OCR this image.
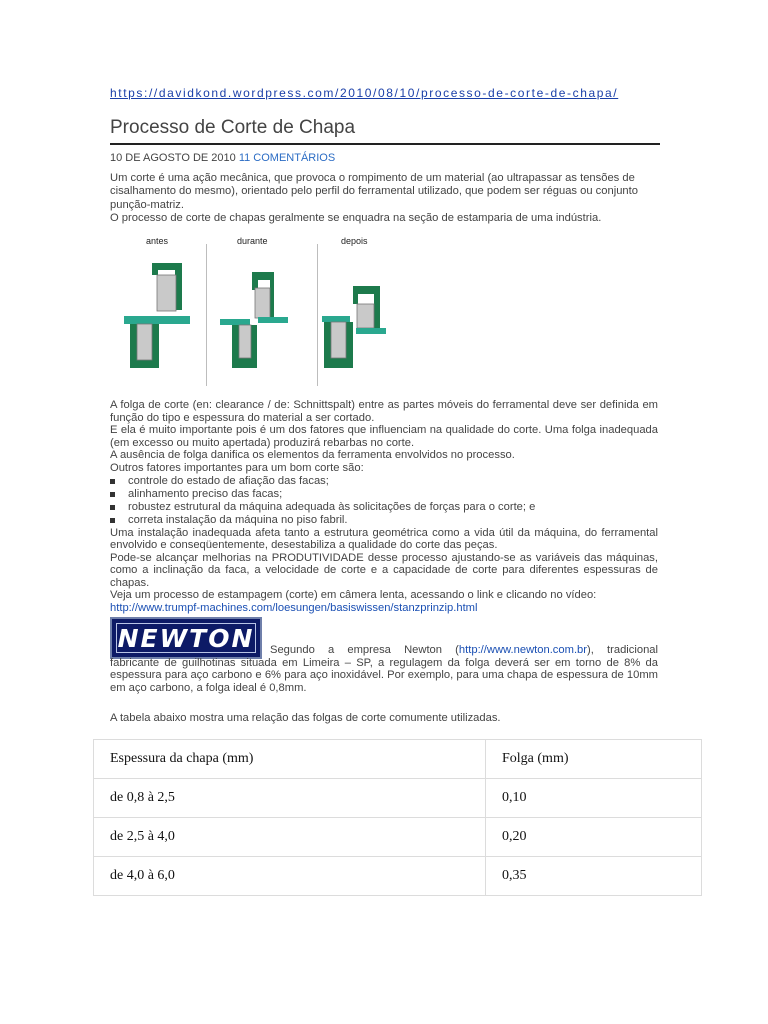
https://davidkond.wordpress.com/2010/08/10/processo-de-corte-de-chapa/
Processo de Corte de Chapa
10 DE AGOSTO DE 2010 11 COMENTÁRIOS
Um corte é uma ação mecânica, que provoca o rompimento de um material (ao ultrapassar as tensões de cisalhamento do mesmo), orientado pelo perfil do ferramental utilizado, que podem ser réguas ou conjunto punção-matriz.
O processo de corte de chapas geralmente se enquadra na seção de estamparia de uma indústria.
antes	durante	depois

A folga de corte (en: clearance / de: Schnittspalt) entre as partes móveis do ferramental deve ser definida em função do tipo e espessura do material a ser cortado.

E ela é muito importante pois é um dos fatores que influenciam na qualidade do corte. Uma folga inadequada (em excesso ou muito apertada) produzirá rebarbas no corte.

A ausência de folga danifica os elementos da ferramenta envolvidos no processo.

Outros fatores importantes para um bom corte são:

controle do estado de afiação das facas;
alinhamento preciso das facas;
robustez estrutural da máquina adequada às solicitações de forças para o corte; e
correta instalação da máquina no piso fabril.

Uma instalação inadequada afeta tanto a estrutura geométrica como a vida útil da máquina, do ferramental envolvido e conseqüentemente, desestabiliza a qualidade do corte das peças.

Pode-se alcançar melhorias na PRODUTIVIDADE desse processo ajustando-se as variáveis das máquinas, como a inclinação da faca, a velocidade de corte e a capacidade de corte para diferentes espessuras de chapas.

Veja um processo de estampagem (corte) em câmera lenta, acessando o link e clicando no vídeo:

http://www.trumpf-machines.com/loesungen/basiswissen/stanzprinzip.html
NEWTON	Segundo a empresa Newton (http://www.newton.com.br), tradicional fabricante de guilhotinas situada em Limeira – SP, a regulagem da folga deverá ser em torno de 8% da espessura para aço carbono e 6% para aço inoxidável. Por exemplo, para uma chapa de espessura de 10mm em aço carbono, a folga ideal é 0,8mm.

A tabela abaixo mostra uma relação das folgas de corte comumente utilizadas.
Espessura da chapa (mm)	Folga (mm)
de 0,8 à 2,5	0,10
de 2,5 à 4,0	0,20
de 4,0 à 6,0	0,35
